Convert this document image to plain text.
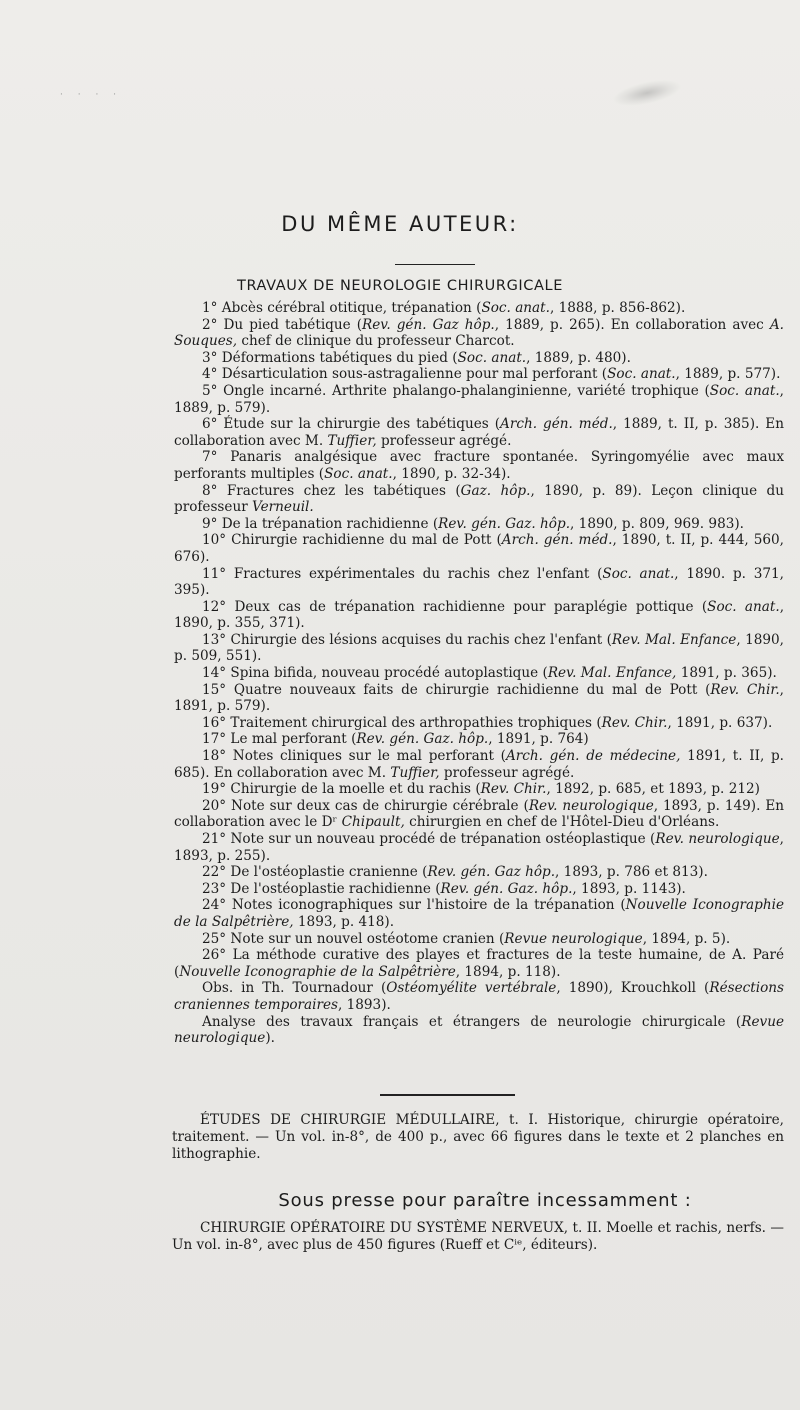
· · · ·
DU MÊME AUTEUR:
TRAVAUX DE NEUROLOGIE CHIRURGICALE

1° Abcès cérébral otitique, trépanation (Soc. anat., 1888, p. 856-862).

2° Du pied tabétique (Rev. gén. Gaz hôp., 1889, p. 265). En collaboration avec A. Souques, chef de clinique du professeur Charcot.

3° Déformations tabétiques du pied (Soc. anat., 1889, p. 480).

4° Désarticulation sous-astragalienne pour mal perforant (Soc. anat., 1889, p. 577).

5° Ongle incarné. Arthrite phalango-phalanginienne, variété trophique (Soc. anat., 1889, p. 579).

6° Étude sur la chirurgie des tabétiques (Arch. gén. méd., 1889, t. II, p. 385). En collaboration avec M. Tuffier, professeur agrégé.

7° Panaris analgésique avec fracture spontanée. Syringomyélie avec maux perforants multiples (Soc. anat., 1890, p. 32-34).

8° Fractures chez les tabétiques (Gaz. hôp., 1890, p. 89). Leçon clinique du professeur Verneuil.

9° De la trépanation rachidienne (Rev. gén. Gaz. hôp., 1890, p. 809, 969. 983).

10° Chirurgie rachidienne du mal de Pott (Arch. gén. méd., 1890, t. II, p. 444, 560, 676).

11° Fractures expérimentales du rachis chez l'enfant (Soc. anat., 1890. p. 371, 395).

12° Deux cas de trépanation rachidienne pour paraplégie pottique (Soc. anat., 1890, p. 355, 371).

13° Chirurgie des lésions acquises du rachis chez l'enfant (Rev. Mal. Enfance, 1890, p. 509, 551).

14° Spina bifida, nouveau procédé autoplastique (Rev. Mal. Enfance, 1891, p. 365).

15° Quatre nouveaux faits de chirurgie rachidienne du mal de Pott (Rev. Chir., 1891, p. 579).

16° Traitement chirurgical des arthropathies trophiques (Rev. Chir., 1891, p. 637).

17° Le mal perforant (Rev. gén. Gaz. hôp., 1891, p. 764)

18° Notes cliniques sur le mal perforant (Arch. gén. de médecine, 1891, t. II, p. 685). En collaboration avec M. Tuffier, professeur agrégé.

19° Chirurgie de la moelle et du rachis (Rev. Chir., 1892, p. 685, et 1893, p. 212)

20° Note sur deux cas de chirurgie cérébrale (Rev. neurologique, 1893, p. 149). En collaboration avec le Dʳ Chipault, chirurgien en chef de l'Hôtel-Dieu d'Orléans.

21° Note sur un nouveau procédé de trépanation ostéoplastique (Rev. neurologique, 1893, p. 255).

22° De l'ostéoplastie cranienne (Rev. gén. Gaz hôp., 1893, p. 786 et 813).

23° De l'ostéoplastie rachidienne (Rev. gén. Gaz. hôp., 1893, p. 1143).

24° Notes iconographiques sur l'histoire de la trépanation (Nouvelle Iconographie de la Salpêtrière, 1893, p. 418).

25° Note sur un nouvel ostéotome cranien (Revue neurologique, 1894, p. 5).

26° La méthode curative des playes et fractures de la teste humaine, de A. Paré (Nouvelle Iconographie de la Salpêtrière, 1894, p. 118).

Obs. in Th. Tournadour (Ostéomyélite vertébrale, 1890), Krouchkoll (Résections craniennes temporaires, 1893).

Analyse des travaux français et étrangers de neurologie chirurgicale (Revue neurologique).

ÉTUDES DE CHIRURGIE MÉDULLAIRE, t. I. Historique, chirurgie opératoire, traitement. — Un vol. in-8°, de 400 p., avec 66 figures dans le texte et 2 planches en lithographie.
Sous presse pour paraître incessamment :
CHIRURGIE OPÉRATOIRE DU SYSTÈME NERVEUX, t. II. Moelle et rachis, nerfs. — Un vol. in-8°, avec plus de 450 figures (Rueff et Cⁱᵉ, éditeurs).
